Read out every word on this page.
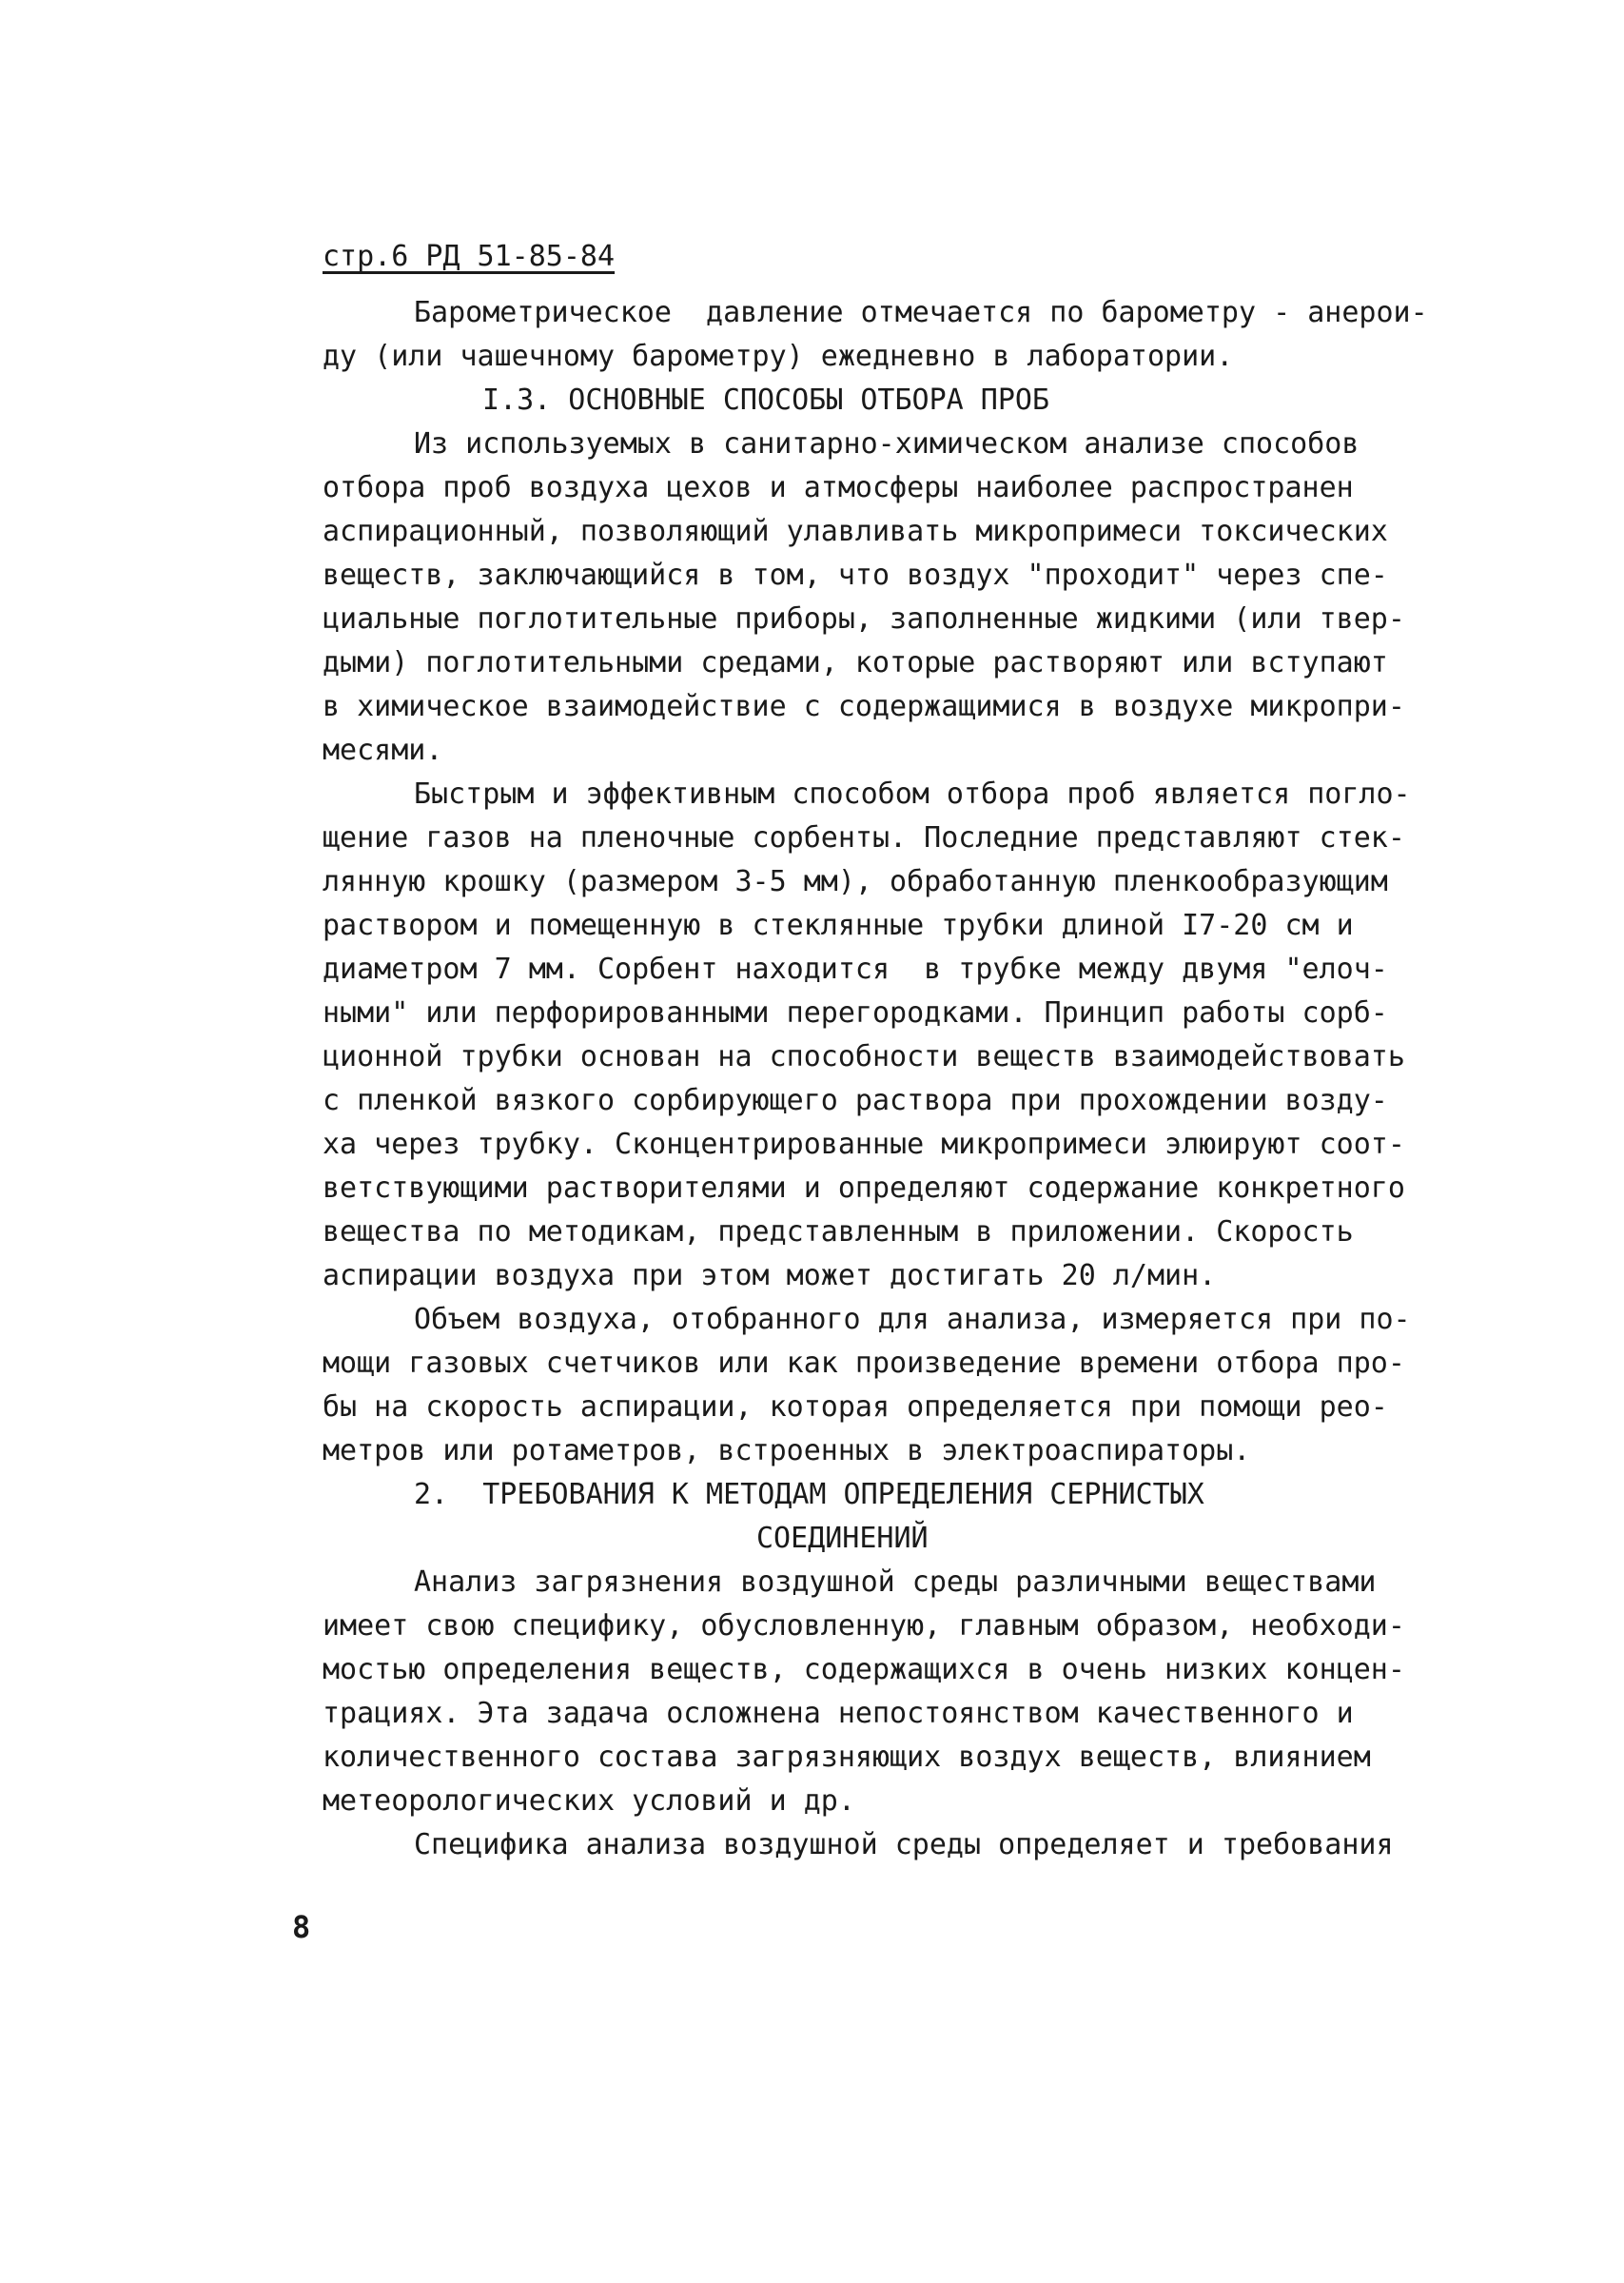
стр.6 РД 51-85-84
Барометрическое  давление отмечается по барометру - анерои-
ду (или чашечному барометру) ежедневно в лаборатории.
I.3. ОСНОВНЫЕ СПОСОБЫ ОТБОРА ПРОБ
Из используемых в санитарно-химическом анализе способов
отбора проб воздуха цехов и атмосферы наиболее распространен
аспирационный, позволяющий улавливать микропримеси токсических
веществ, заключающийся в том, что воздух "проходит" через спе-
циальные поглотительные приборы, заполненные жидкими (или твер-
дыми) поглотительными средами, которые растворяют или вступают
в химическое взаимодействие с содержащимися в воздухе микропри-
месями.
Быстрым и эффективным способом отбора проб является погло-
щение газов на пленочные сорбенты. Последние представляют стек-
лянную крошку (размером 3-5 мм), обработанную пленкообразующим
раствором и помещенную в стеклянные трубки длиной I7-20 см и
диаметром 7 мм. Сорбент находится  в трубке между двумя "елоч-
ными" или перфорированными перегородками. Принцип работы сорб-
ционной трубки основан на способности веществ взаимодействовать
с пленкой вязкого сорбирующего раствора при прохождении возду-
ха через трубку. Сконцентрированные микропримеси элюируют соот-
ветствующими растворителями и определяют содержание конкретного
вещества по методикам, представленным в приложении. Скорость
аспирации воздуха при этом может достигать 20 л/мин.
Объем воздуха, отобранного для анализа, измеряется при по-
мощи газовых счетчиков или как произведение времени отбора про-
бы на скорость аспирации, которая определяется при помощи рео-
метров или ротаметров, встроенных в электроаспираторы.
2.  ТРЕБОВАНИЯ К МЕТОДАМ ОПРЕДЕЛЕНИЯ СЕРНИСТЫХ
СОЕДИНЕНИЙ
Анализ загрязнения воздушной среды различными веществами
имеет свою специфику, обусловленную, главным образом, необходи-
мостью определения веществ, содержащихся в очень низких концен-
трациях. Эта задача осложнена непостоянством качественного и
количественного состава загрязняющих воздух веществ, влиянием
метеорологических условий и др.
Специфика анализа воздушной среды определяет и требования
8
